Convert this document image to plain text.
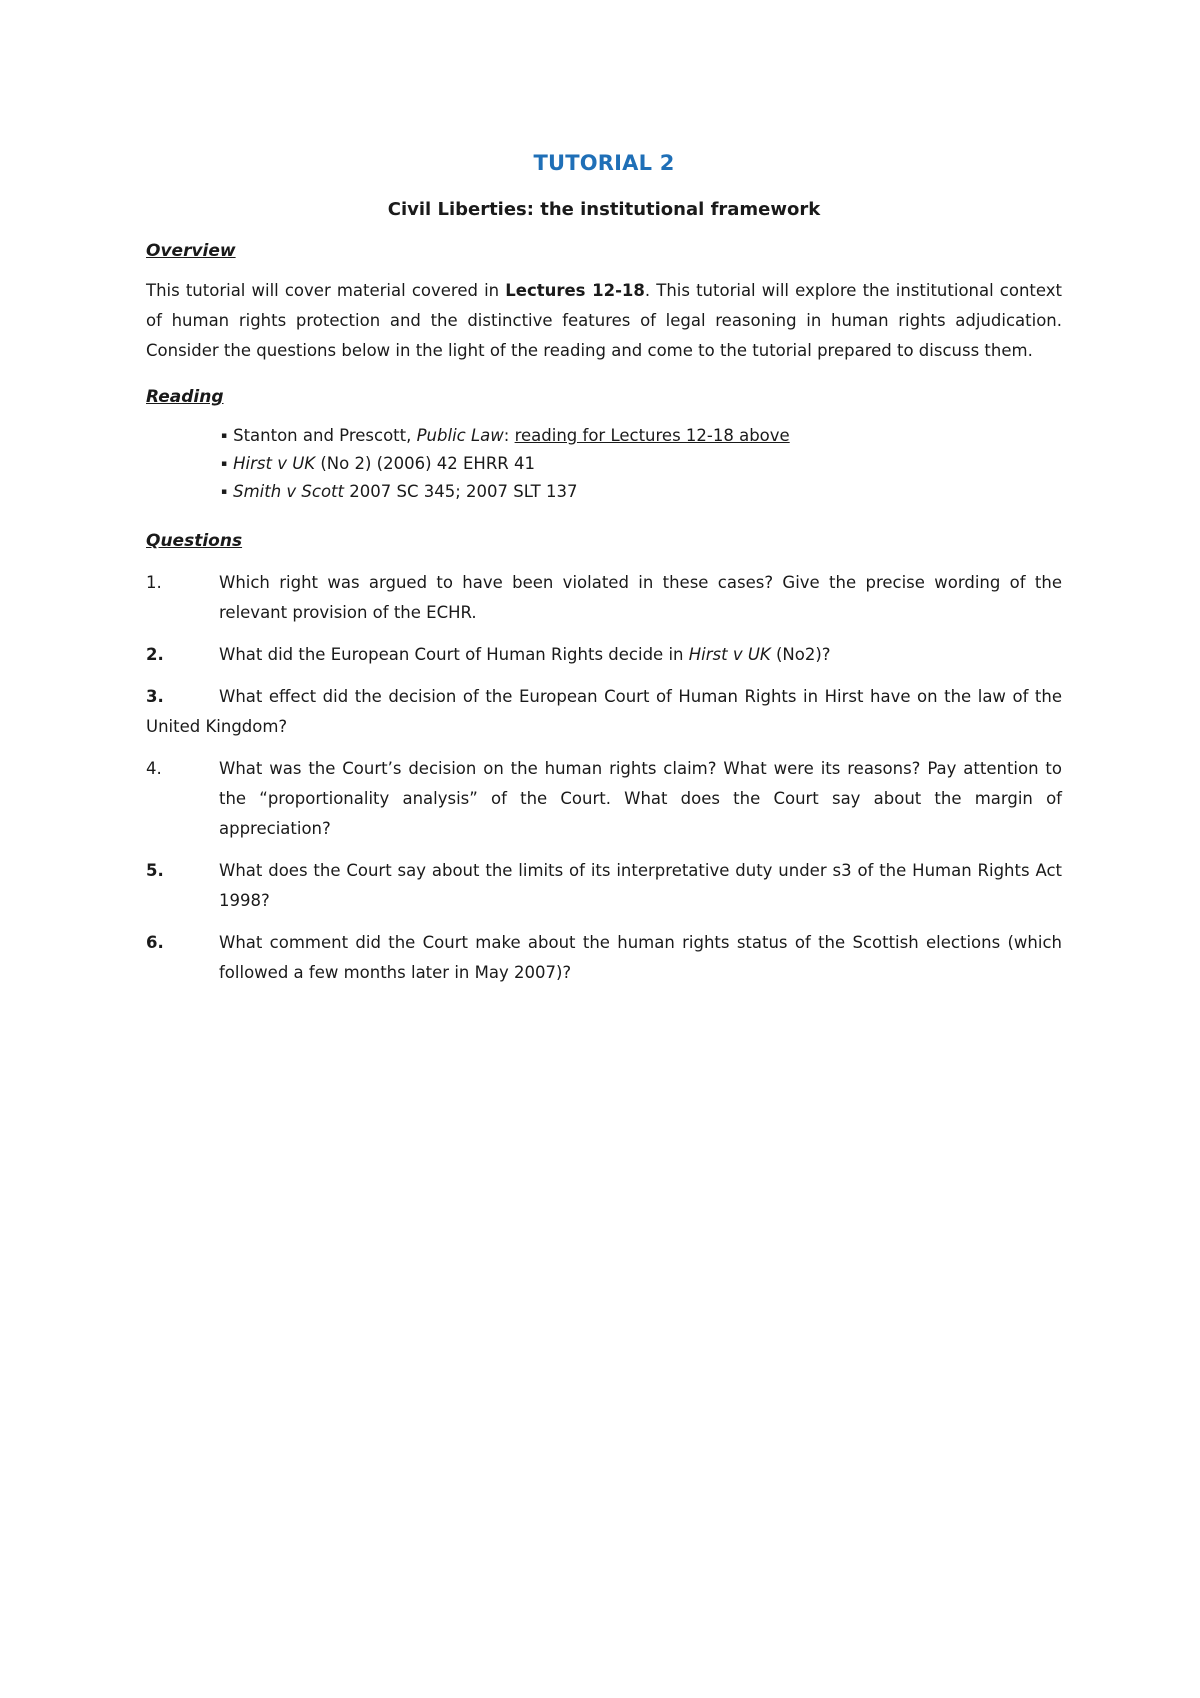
TUTORIAL 2
Civil Liberties: the institutional framework
Overview

This tutorial will cover material covered in Lectures 12-18. This tutorial will explore the institutional context of human rights protection and the distinctive features of legal reasoning in human rights adjudication. Consider the questions below in the light of the reading and come to the tutorial prepared to discuss them.

Reading
▪ Stanton and Prescott, Public Law: reading for Lectures 12-18 above
▪ Hirst v UK (No 2) (2006) 42 EHRR 41
▪ Smith v Scott 2007 SC 345; 2007 SLT 137
Questions
1.	Which right was argued to have been violated in these cases? Give the precise wording of the relevant provision of the ECHR.
2.	What did the European Court of Human Rights decide in Hirst v UK (No2)?
3.	What effect did the decision of the European Court of Human Rights in Hirst have on the law of the United Kingdom?
4.	What was the Court’s decision on the human rights claim? What were its reasons? Pay attention to the “proportionality analysis” of the Court. What does the Court say about the margin of appreciation?
5.	What does the Court say about the limits of its interpretative duty under s3 of the Human Rights Act 1998?
6.	What comment did the Court make about the human rights status of the Scottish elections (which followed a few months later in May 2007)?
